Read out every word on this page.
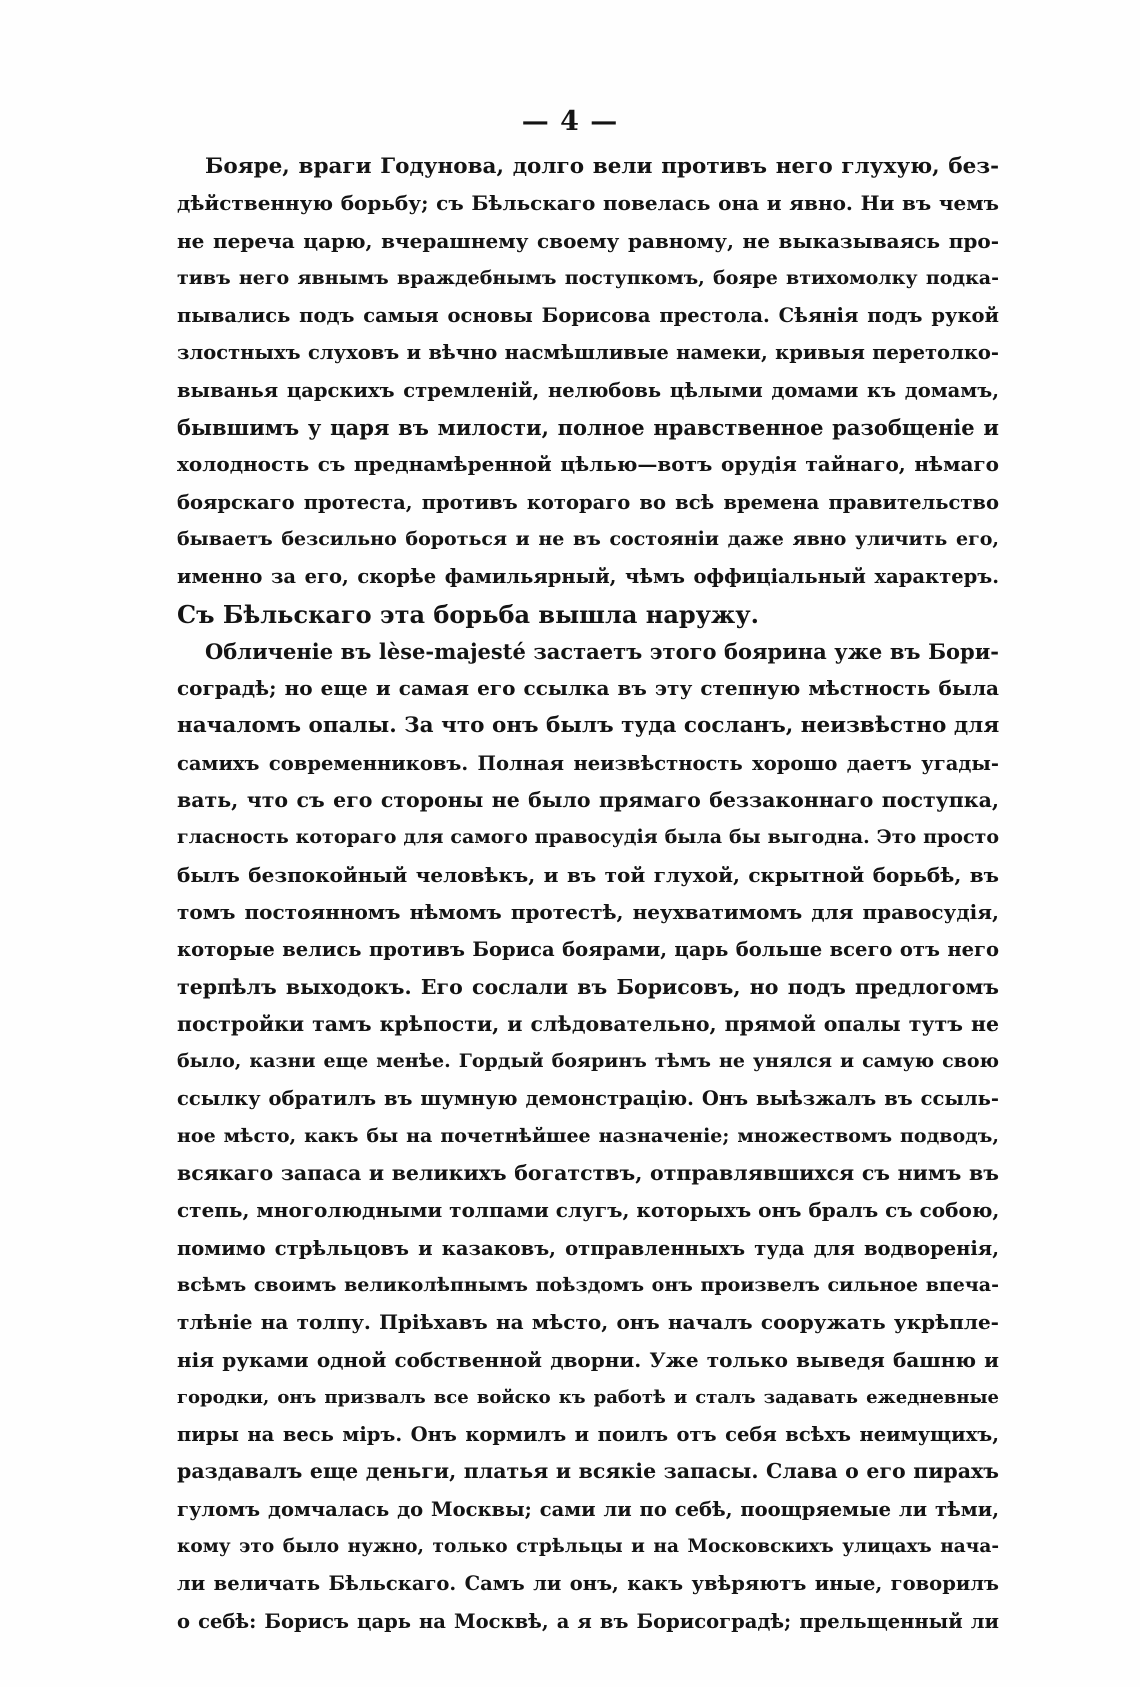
— 4 —
Бояре, враги Годунова, долго вели противъ него глухую, без-
дѣйственную борьбу; съ Бѣльскаго повелась она и явно. Ни въ чемъ
не перечa царю, вчерашнему своему равному, не выказываясь про-
тивъ него явнымъ враждебнымъ поступкомъ, бояре втихомолку подка-
пывались подъ самыя основы Борисова престола. Сѣянія подъ рукой
злостныхъ слуховъ и вѣчно насмѣшливые намеки, кривыя перетолко-
выванья царскихъ стремленій, нелюбовь цѣлыми домами къ домамъ,
бывшимъ у царя въ милости, полное нравственное разобщеніе и
холодность съ преднамѣренной цѣлью—вотъ орудія тайнаго, нѣмаго
боярскаго протеста, противъ котораго во всѣ времена правительство
бываетъ безсильно бороться и не въ состояніи даже явно уличить его,
именно за его, скорѣе фамильярный, чѣмъ оффиціальный характеръ.
Съ Бѣльскаго эта борьба вышла наружу.
Обличеніе въ lèse-majesté застаетъ этого боярина уже въ Бори-
соградѣ; но еще и самая его ссылка въ эту степную мѣстность была
началомъ опалы. За что онъ былъ туда сосланъ, неизвѣстно для
самихъ современниковъ. Полная неизвѣстность хорошо даетъ угады-
вать, что съ его стороны не было прямаго беззаконнаго поступка,
гласность котораго для самого правосудія была бы выгодна. Это просто
былъ безпокойный человѣкъ, и въ той глухой, скрытной борьбѣ, въ
томъ постоянномъ нѣмомъ протестѣ, неухватимомъ для правосудія,
которые велись противъ Бориса боярами, царь больше всего отъ него
терпѣлъ выходокъ. Его сослали въ Борисовъ, но подъ предлогомъ
постройки тамъ крѣпости, и слѣдовательно, прямой опалы тутъ не
было, казни еще менѣе. Гордый бояринъ тѣмъ не унялся и самую свою
ссылку обратилъ въ шумную демонстрацію. Онъ выѣзжалъ въ ссыль-
ное мѣсто, какъ бы на почетнѣйшее назначеніе; множествомъ подводъ,
всякаго запаса и великихъ богатствъ, отправлявшихся съ нимъ въ
степь, многолюдными толпами слугъ, которыхъ онъ бралъ съ собою,
помимо стрѣльцовъ и казаковъ, отправленныхъ туда для водворенія,
всѣмъ своимъ великолѣпнымъ поѣздомъ онъ произвелъ сильное впеча-
тлѣніе на толпу. Пріѣхавъ на мѣсто, онъ началъ сооружать укрѣпле-
нія руками одной собственной дворни. Уже только выведя башню и
городки, онъ призвалъ все войско къ работѣ и сталъ задавать ежедневные
пиры на весь міръ. Онъ кормилъ и поилъ отъ себя всѣхъ неимущихъ,
раздавалъ еще деньги, платья и всякіе запасы. Слава о его пирахъ
гуломъ домчалась до Москвы; сами ли по себѣ, поощряемые ли тѣми,
кому это было нужно, только стрѣльцы и на Московскихъ улицахъ нача-
ли величать Бѣльскаго. Самъ ли онъ, какъ увѣряютъ иные, говорилъ
о себѣ: Борисъ царь на Москвѣ, а я въ Борисоградѣ; прельщенный ли
